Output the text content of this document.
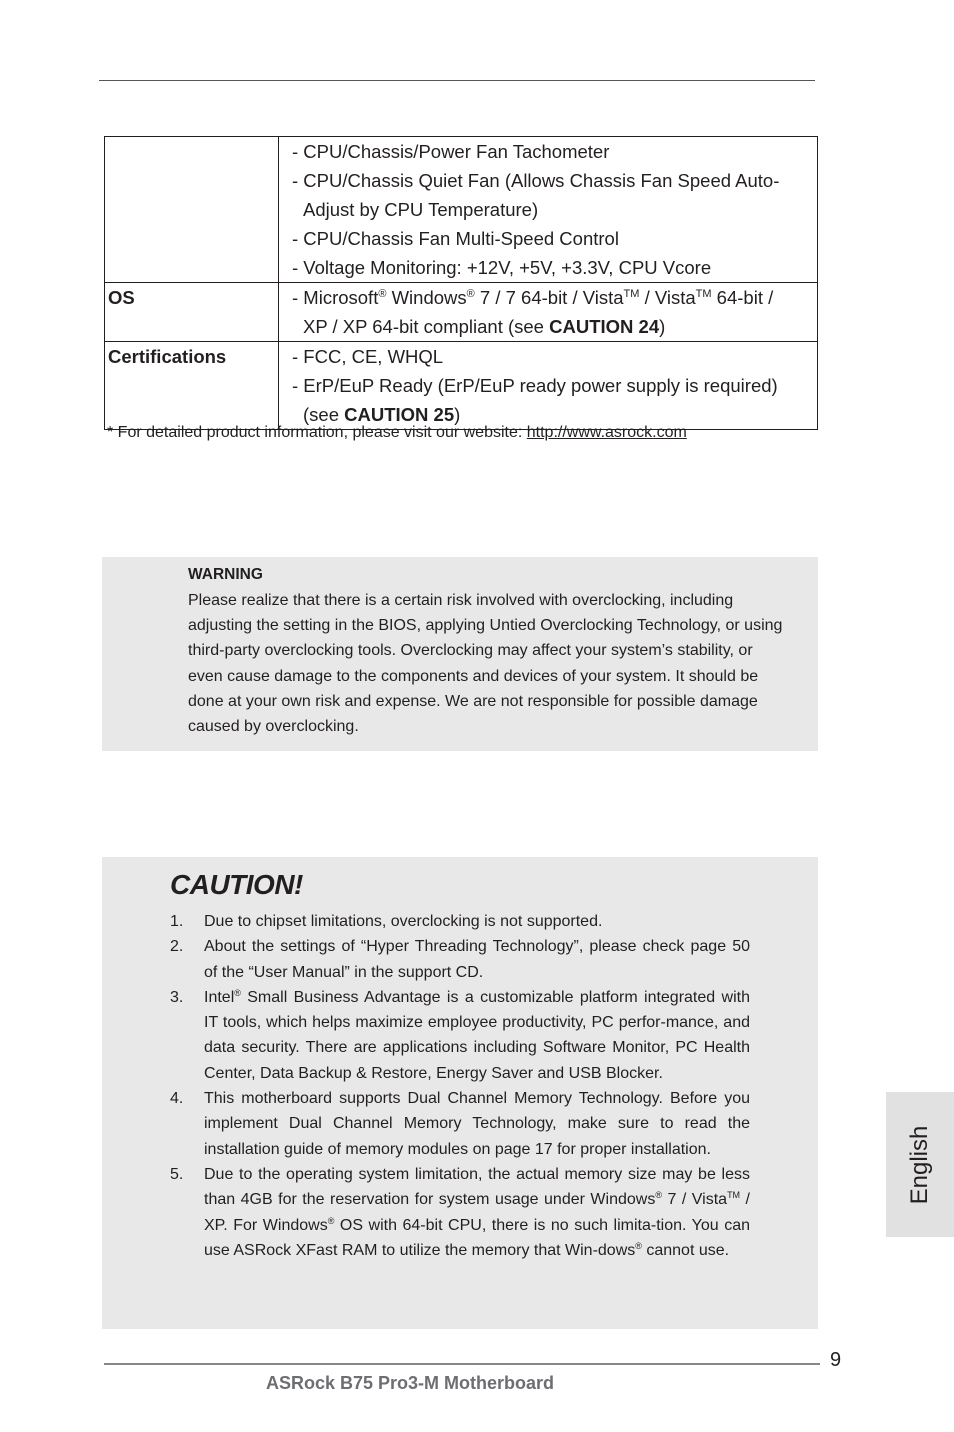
	- CPU/Chassis/Power Fan Tachometer
- CPU/Chassis Quiet Fan (Allows Chassis Fan Speed Auto-
Adjust by CPU Temperature)
- CPU/Chassis Fan Multi-Speed Control
- Voltage Monitoring: +12V, +5V, +3.3V, CPU Vcore

OS	- Microsoft® Windows® 7 / 7 64-bit / Vista™ / Vista™ 64-bit /
XP / XP 64-bit compliant (see CAUTION 24)

Certifications	- FCC, CE, WHQL
- ErP/EuP Ready (ErP/EuP ready power supply is required)
(see CAUTION 25)
* For detailed product information, please visit our website: http://www.asrock.com
WARNING
Please realize that there is a certain risk involved with overclocking, including
adjusting the setting in the BIOS, applying Untied Overclocking Technology, or using
third-party overclocking tools. Overclocking may affect your system’s stability, or
even cause damage to the components and devices of your system. It should be
done at your own risk and expense. We are not responsible for possible damage
caused by overclocking.
CAUTION!
1. Due to chipset limitations, overclocking is not supported.
2. About the settings of “Hyper Threading Technology”, please check page 50 of the “User Manual” in the support CD.
3. Intel® Small Business Advantage is a customizable platform integrated with IT tools, which helps maximize employee productivity, PC perfor-mance, and data security. There are applications including Software Monitor, PC Health Center, Data Backup & Restore, Energy Saver and USB Blocker.
4. This motherboard supports Dual Channel Memory Technology. Before you implement Dual Channel Memory Technology, make sure to read the installation guide of memory modules on page 17 for proper installation.
5. Due to the operating system limitation, the actual memory size may be less than 4GB for the reservation for system usage under Windows® 7 / Vista™ / XP. For Windows® OS with 64-bit CPU, there is no such limita-tion. You can use ASRock XFast RAM to utilize the memory that Win-dows® cannot use.
English
9
ASRock B75 Pro3-M Motherboard
